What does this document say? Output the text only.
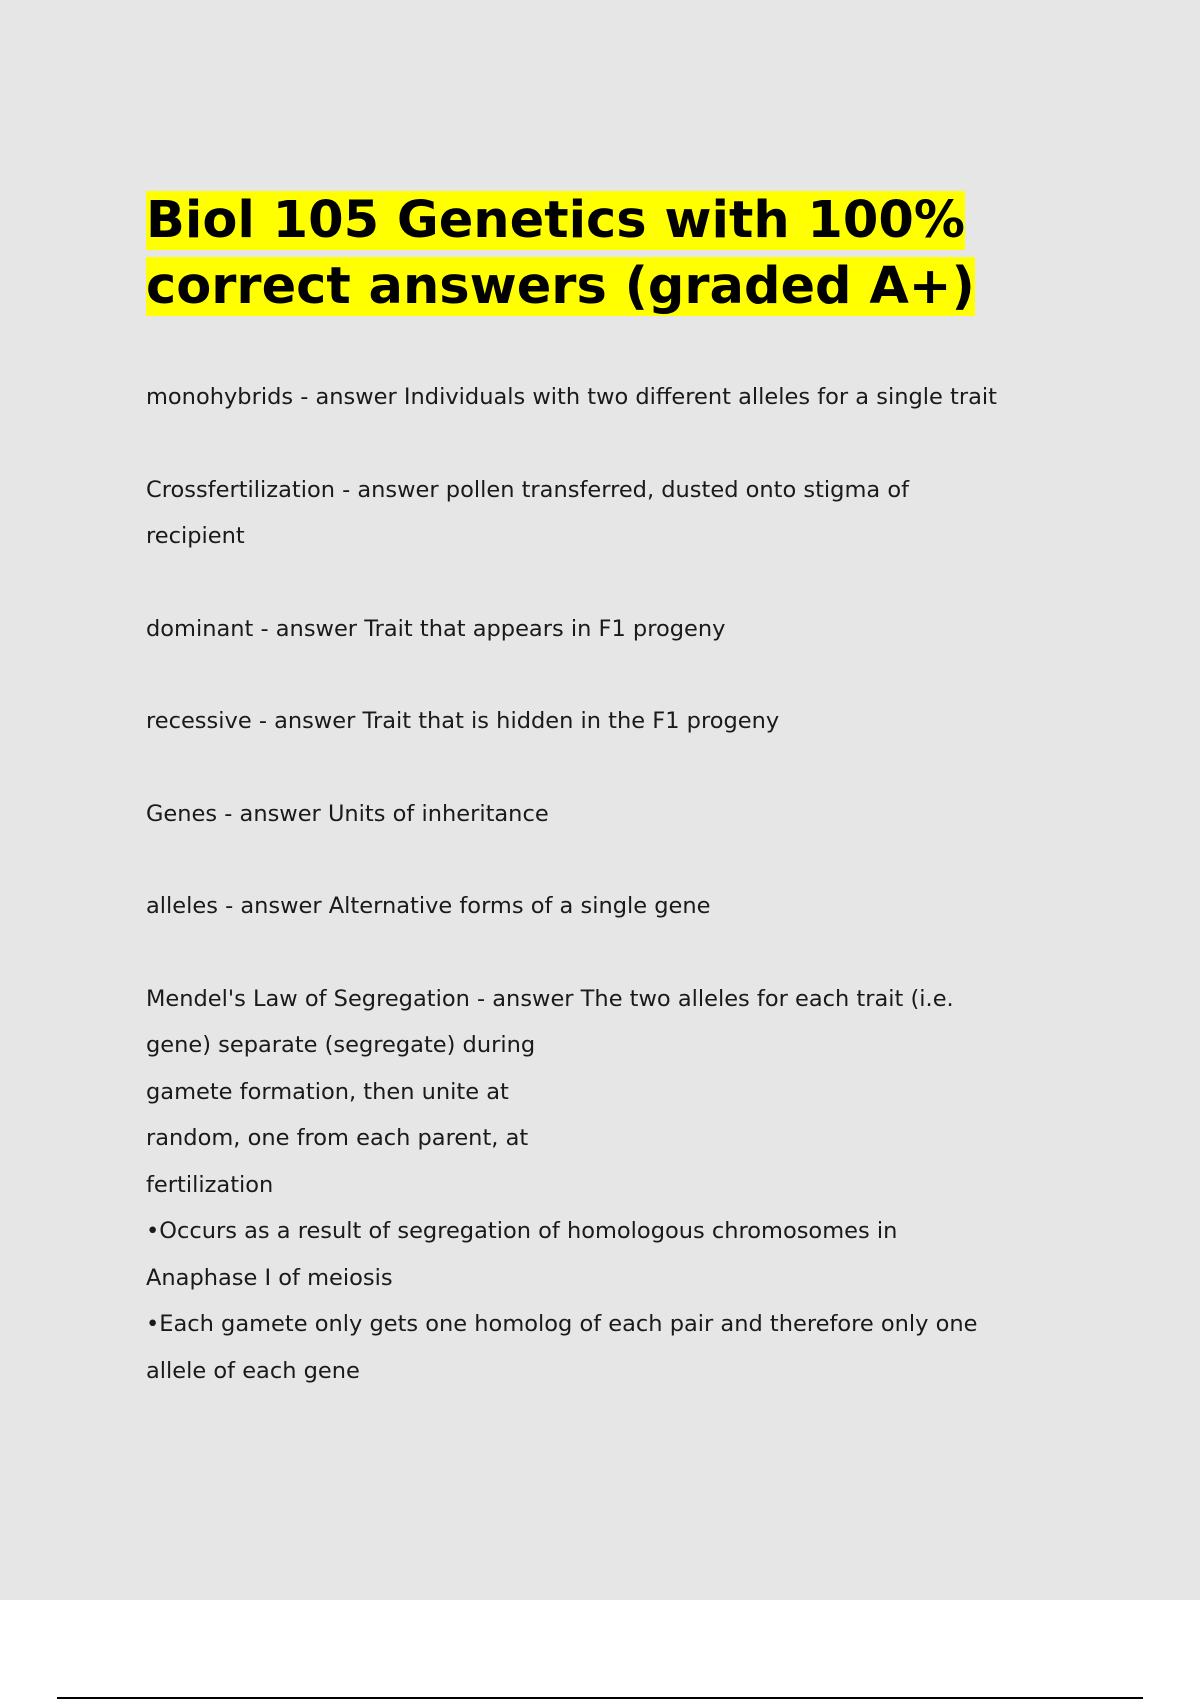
Biol 105 Genetics with 100%
correct answers (graded A+)
monohybrids - answer Individuals with two different alleles for a single trait
Crossfertilization - answer pollen transferred, dusted onto stigma of
recipient
dominant - answer Trait that appears in F1 progeny
recessive - answer Trait that is hidden in the F1 progeny
Genes - answer Units of inheritance
alleles - answer Alternative forms of a single gene
Mendel's Law of Segregation - answer The two alleles for each trait (i.e.
gene) separate (segregate) during
gamete formation, then unite at
random, one from each parent, at
fertilization
•Occurs as a result of segregation of homologous chromosomes in
Anaphase I of meiosis
•Each gamete only gets one homolog of each pair and therefore only one
allele of each gene
